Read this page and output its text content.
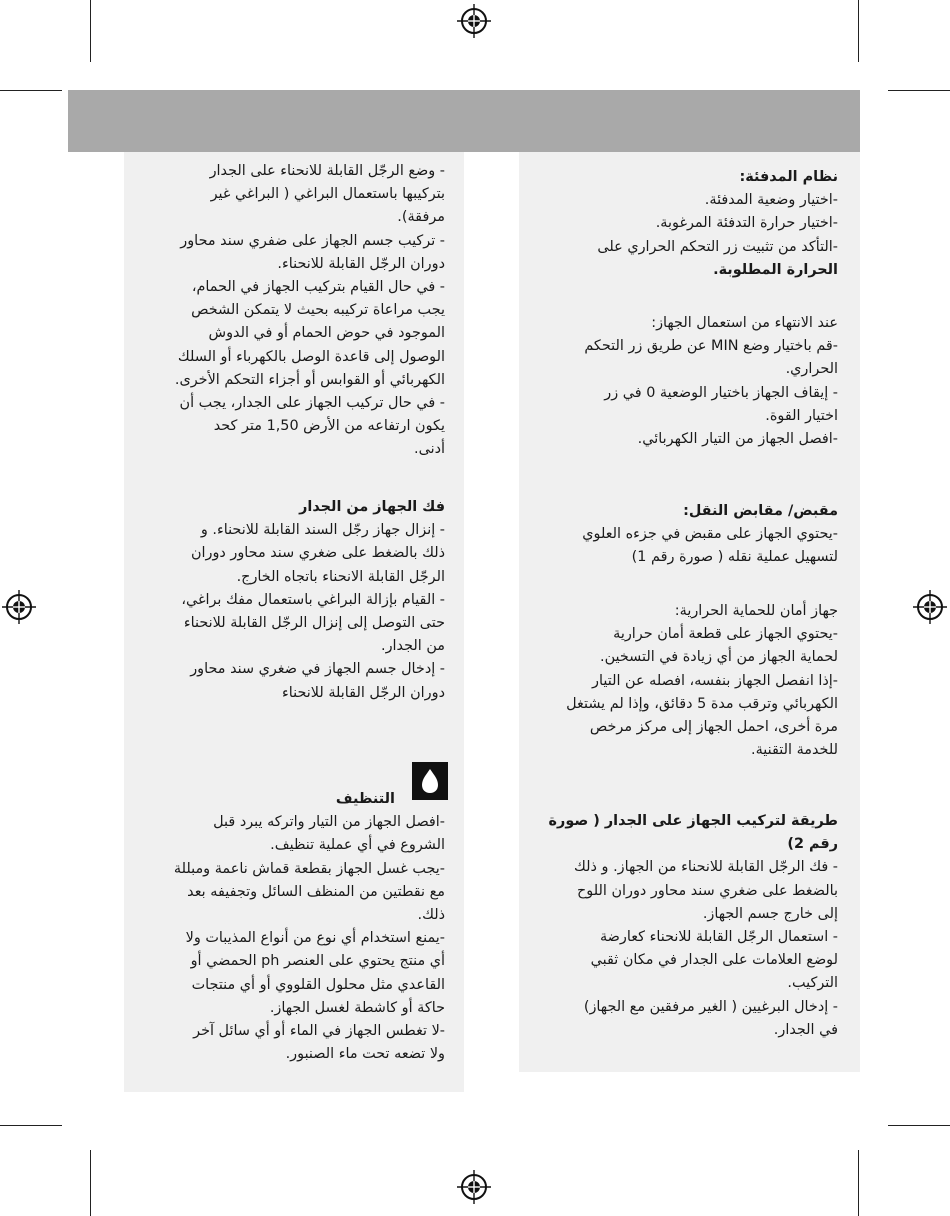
نظام المدفئة:

-اختيار وضعية المدفئة.

-اختيار حرارة التدفئة المرغوبة.

-التأكد من تثبيت زر التحكم الحراري على

الحرارة المطلوبة.

عند الانتهاء من استعمال الجهاز:

-قم باختيار وضع MIN عن طريق زر التحكم

الحراري.

- إيقاف الجهاز باختيار الوضعية 0 في زر

اختيار القوة.

-افصل الجهاز من التيار الكهربائي.

مقبض/ مقابض النقل:

-يحتوي الجهاز على مقبض في جزءه العلوي

لتسهيل عملية نقله ( صورة رقم 1)

جهاز أمان للحماية الحرارية:

-يحتوي الجهاز على قطعة أمان حرارية

لحماية الجهاز من أي زيادة في التسخين.

-إذا انفصل الجهاز بنفسه، افصله عن التيار

الكهربائي وترقب مدة 5 دقائق، وإذا لم يشتغل

مرة أخرى، احمل الجهاز إلى مركز مرخص

للخدمة التقنية.

طريقة لتركيب الجهاز على الجدار ( صورة

رقم 2)

- فك الرجّل القابلة للانحناء من الجهاز. و ذلك

بالضغط على ضغري سند محاور دوران اللوح

إلى خارج جسم الجهاز.

- استعمال الرجّل القابلة للانحناء كعارضة

لوضع العلامات على الجدار في مكان ثقبي

التركيب.

- إدخال البرغيين ( الغير مرفقين مع الجهاز)

في الجدار.

- وضع الرجّل القابلة للانحناء على الجدار

بتركيبها باستعمال البراغي ( البراغي غير

مرفقة).

- تركيب جسم الجهاز على ضفري سند محاور

دوران الرجّل القابلة للانحناء.

- في حال القيام بتركيب الجهاز في الحمام،

يجب مراعاة تركيبه بحيث لا يتمكن الشخص

الموجود في حوض الحمام أو في الدوش

الوصول إلى قاعدة الوصل بالكهرباء أو السلك

الكهربائي أو القوابس أو أجزاء التحكم الأخرى.

- في حال تركيب الجهاز على الجدار، يجب أن

يكون ارتفاعه من الأرض 1,50 متر كحد

أدنى.

فك الجهاز من الجدار

- إنزال جهاز رجّل السند القابلة للانحناء. و

ذلك بالضغط على ضغري سند محاور دوران

الرجّل القابلة الانحناء باتجاه الخارج.

- القيام بإزالة البراغي باستعمال مفك براغي،

حتى التوصل إلى إنزال الرجّل القابلة للانحناء

من الجدار.

- إدخال جسم الجهاز في ضغري سند محاور

دوران الرجّل القابلة للانحناء

التنظيف

-افصل الجهاز من التيار واتركه يبرد قبل

الشروع في أي عملية تنظيف.

-يجب غسل الجهاز بقطعة قماش ناعمة ومبللة

مع نقطتين من المنظف السائل وتجفيفه بعد

ذلك.

-يمنع استخدام أي نوع من أنواع المذيبات ولا

أي منتج يحتوي على العنصر ph الحمضي أو

القاعدي مثل محلول القلووي أو أي منتجات

حاكة أو كاشطة لغسل الجهاز.

-لا تغطس الجهاز في الماء أو أي سائل آخر

ولا تضعه تحت ماء الصنبور.
